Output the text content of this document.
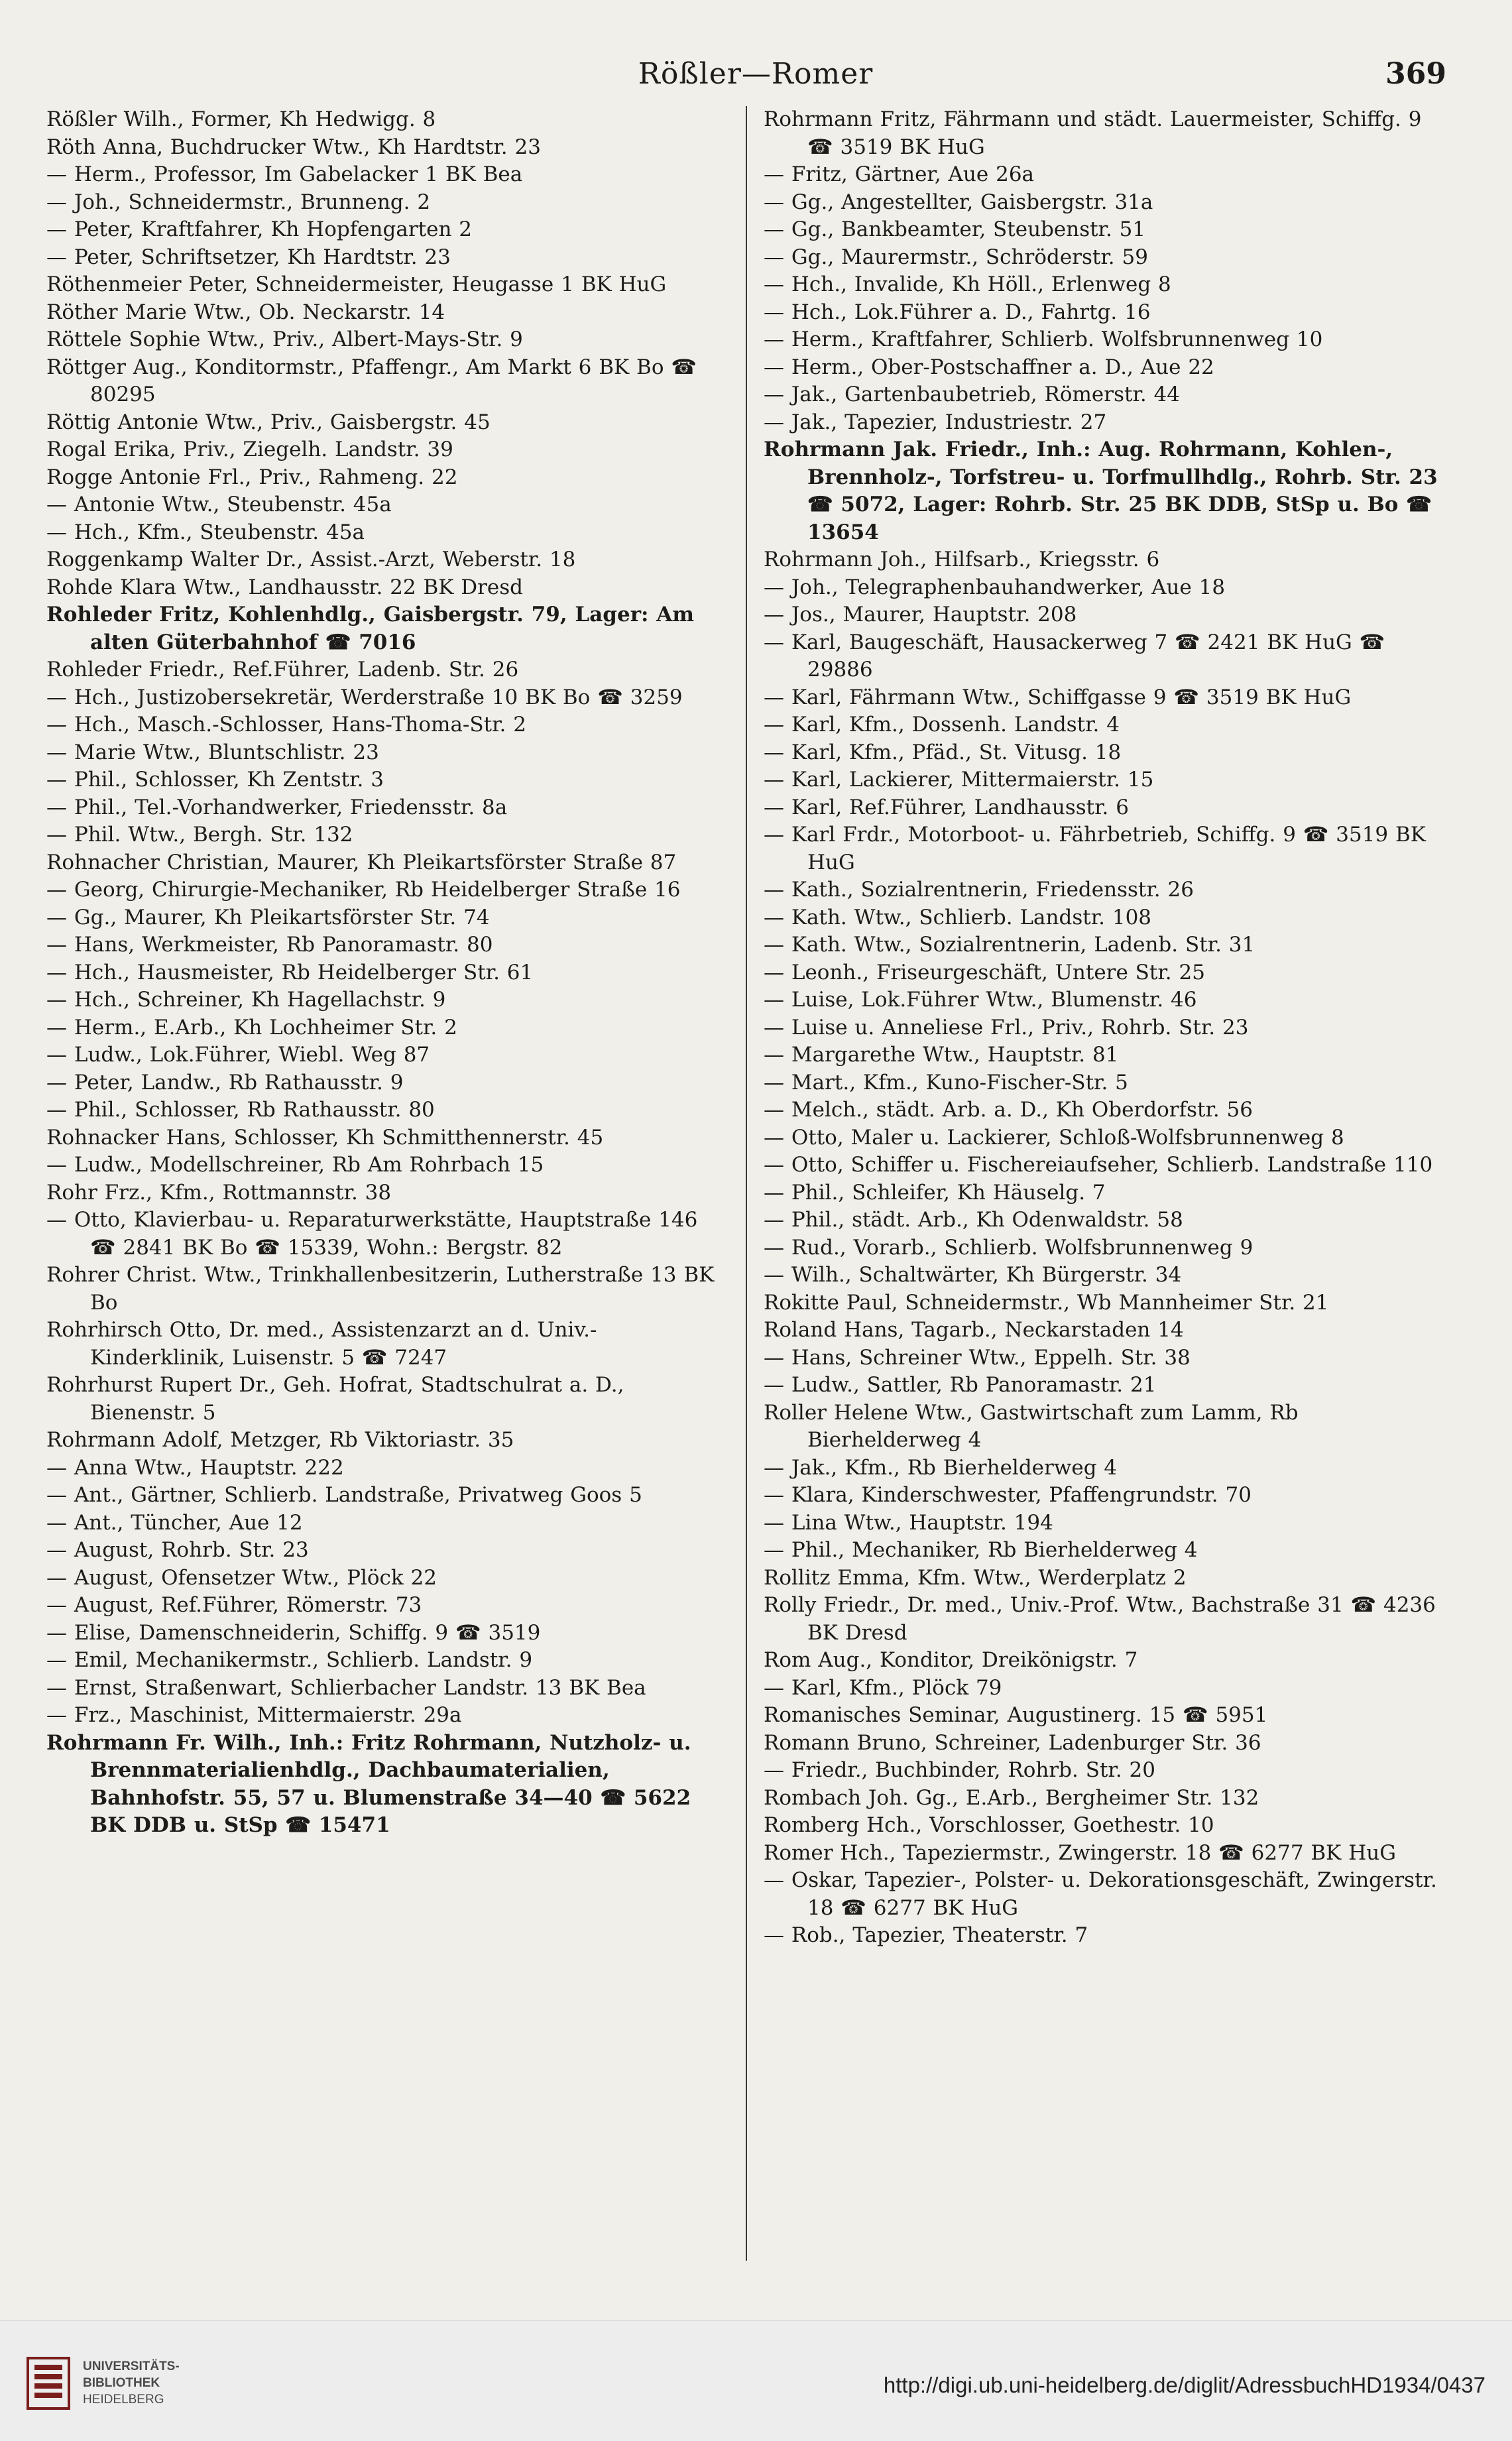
Rößler—Romer	369
Rößler Wilh., Former, Kh Hedwigg. 8
Röth Anna, Buchdrucker Wtw., Kh Hardtstr. 23
— Herm., Professor, Im Gabelacker 1 BK Bea
— Joh., Schneidermstr., Brunneng. 2
— Peter, Kraftfahrer, Kh Hopfengarten 2
— Peter, Schriftsetzer, Kh Hardtstr. 23
Röthenmeier Peter, Schneidermeister, Heugasse 1 BK HuG
Röther Marie Wtw., Ob. Neckarstr. 14
Röttele Sophie Wtw., Priv., Albert-Mays-Str. 9
Röttger Aug., Konditormstr., Pfaffengr., Am Markt 6 BK Bo ☎ 80295
Röttig Antonie Wtw., Priv., Gaisbergstr. 45
Rogal Erika, Priv., Ziegelh. Landstr. 39
Rogge Antonie Frl., Priv., Rahmeng. 22
— Antonie Wtw., Steubenstr. 45a
— Hch., Kfm., Steubenstr. 45a
Roggenkamp Walter Dr., Assist.-Arzt, Weberstr. 18
Rohde Klara Wtw., Landhausstr. 22 BK Dresd
Rohleder Fritz, Kohlenhdlg., Gaisbergstr. 79, Lager: Am alten Güterbahnhof ☎ 7016
Rohleder Friedr., Ref.Führer, Ladenb. Str. 26
— Hch., Justizobersekretär, Werderstraße 10 BK Bo ☎ 3259
— Hch., Masch.-Schlosser, Hans-Thoma-Str. 2
— Marie Wtw., Bluntschlistr. 23
— Phil., Schlosser, Kh Zentstr. 3
— Phil., Tel.-Vorhandwerker, Friedensstr. 8a
— Phil. Wtw., Bergh. Str. 132
Rohnacher Christian, Maurer, Kh Pleikartsförster Straße 87
— Georg, Chirurgie-Mechaniker, Rb Heidelberger Straße 16
— Gg., Maurer, Kh Pleikartsförster Str. 74
— Hans, Werkmeister, Rb Panoramastr. 80
— Hch., Hausmeister, Rb Heidelberger Str. 61
— Hch., Schreiner, Kh Hagellachstr. 9
— Herm., E.Arb., Kh Lochheimer Str. 2
— Ludw., Lok.Führer, Wiebl. Weg 87
— Peter, Landw., Rb Rathausstr. 9
— Phil., Schlosser, Rb Rathausstr. 80
Rohnacker Hans, Schlosser, Kh Schmitthennerstr. 45
— Ludw., Modellschreiner, Rb Am Rohrbach 15
Rohr Frz., Kfm., Rottmannstr. 38
— Otto, Klavierbau- u. Reparaturwerkstätte, Hauptstraße 146 ☎ 2841 BK Bo ☎ 15339, Wohn.: Bergstr. 82
Rohrer Christ. Wtw., Trinkhallenbesitzerin, Lutherstraße 13 BK Bo
Rohrhirsch Otto, Dr. med., Assistenzarzt an d. Univ.-Kinderklinik, Luisenstr. 5 ☎ 7247
Rohrhurst Rupert Dr., Geh. Hofrat, Stadtschulrat a. D., Bienenstr. 5
Rohrmann Adolf, Metzger, Rb Viktoriastr. 35
— Anna Wtw., Hauptstr. 222
— Ant., Gärtner, Schlierb. Landstraße, Privatweg Goos 5
— Ant., Tüncher, Aue 12
— August, Rohrb. Str. 23
— August, Ofensetzer Wtw., Plöck 22
— August, Ref.Führer, Römerstr. 73
— Elise, Damenschneiderin, Schiffg. 9 ☎ 3519
— Emil, Mechanikermstr., Schlierb. Landstr. 9
— Ernst, Straßenwart, Schlierbacher Landstr. 13 BK Bea
— Frz., Maschinist, Mittermaierstr. 29a
Rohrmann Fr. Wilh., Inh.: Fritz Rohrmann, Nutzholz- u. Brennmaterialienhdlg., Dachbaumaterialien, Bahnhofstr. 55, 57 u. Blumenstraße 34—40 ☎ 5622 BK DDB u. StSp ☎ 15471
Rohrmann Fritz, Fährmann und städt. Lauermeister, Schiffg. 9 ☎ 3519 BK HuG
— Fritz, Gärtner, Aue 26a
— Gg., Angestellter, Gaisbergstr. 31a
— Gg., Bankbeamter, Steubenstr. 51
— Gg., Maurermstr., Schröderstr. 59
— Hch., Invalide, Kh Höll., Erlenweg 8
— Hch., Lok.Führer a. D., Fahrtg. 16
— Herm., Kraftfahrer, Schlierb. Wolfsbrunnenweg 10
— Herm., Ober-Postschaffner a. D., Aue 22
— Jak., Gartenbaubetrieb, Römerstr. 44
— Jak., Tapezier, Industriestr. 27
Rohrmann Jak. Friedr., Inh.: Aug. Rohrmann, Kohlen-, Brennholz-, Torfstreu- u. Torfmullhdlg., Rohrb. Str. 23 ☎ 5072, Lager: Rohrb. Str. 25 BK DDB, StSp u. Bo ☎ 13654
Rohrmann Joh., Hilfsarb., Kriegsstr. 6
— Joh., Telegraphenbauhandwerker, Aue 18
— Jos., Maurer, Hauptstr. 208
— Karl, Baugeschäft, Hausackerweg 7 ☎ 2421 BK HuG ☎ 29886
— Karl, Fährmann Wtw., Schiffgasse 9 ☎ 3519 BK HuG
— Karl, Kfm., Dossenh. Landstr. 4
— Karl, Kfm., Pfäd., St. Vitusg. 18
— Karl, Lackierer, Mittermaierstr. 15
— Karl, Ref.Führer, Landhausstr. 6
— Karl Frdr., Motorboot- u. Fährbetrieb, Schiffg. 9 ☎ 3519 BK HuG
— Kath., Sozialrentnerin, Friedensstr. 26
— Kath. Wtw., Schlierb. Landstr. 108
— Kath. Wtw., Sozialrentnerin, Ladenb. Str. 31
— Leonh., Friseurgeschäft, Untere Str. 25
— Luise, Lok.Führer Wtw., Blumenstr. 46
— Luise u. Anneliese Frl., Priv., Rohrb. Str. 23
— Margarethe Wtw., Hauptstr. 81
— Mart., Kfm., Kuno-Fischer-Str. 5
— Melch., städt. Arb. a. D., Kh Oberdorfstr. 56
— Otto, Maler u. Lackierer, Schloß-Wolfsbrunnenweg 8
— Otto, Schiffer u. Fischereiaufseher, Schlierb. Landstraße 110
— Phil., Schleifer, Kh Häuselg. 7
— Phil., städt. Arb., Kh Odenwaldstr. 58
— Rud., Vorarb., Schlierb. Wolfsbrunnenweg 9
— Wilh., Schaltwärter, Kh Bürgerstr. 34
Rokitte Paul, Schneidermstr., Wb Mannheimer Str. 21
Roland Hans, Tagarb., Neckarstaden 14
— Hans, Schreiner Wtw., Eppelh. Str. 38
— Ludw., Sattler, Rb Panoramastr. 21
Roller Helene Wtw., Gastwirtschaft zum Lamm, Rb Bierhelderweg 4
— Jak., Kfm., Rb Bierhelderweg 4
— Klara, Kinderschwester, Pfaffengrundstr. 70
— Lina Wtw., Hauptstr. 194
— Phil., Mechaniker, Rb Bierhelderweg 4
Rollitz Emma, Kfm. Wtw., Werderplatz 2
Rolly Friedr., Dr. med., Univ.-Prof. Wtw., Bachstraße 31 ☎ 4236 BK Dresd
Rom Aug., Konditor, Dreikönigstr. 7
— Karl, Kfm., Plöck 79
Romanisches Seminar, Augustinerg. 15 ☎ 5951
Romann Bruno, Schreiner, Ladenburger Str. 36
— Friedr., Buchbinder, Rohrb. Str. 20
Rombach Joh. Gg., E.Arb., Bergheimer Str. 132
Romberg Hch., Vorschlosser, Goethestr. 10
Romer Hch., Tapeziermstr., Zwingerstr. 18 ☎ 6277 BK HuG
— Oskar, Tapezier-, Polster- u. Dekorationsgeschäft, Zwingerstr. 18 ☎ 6277 BK HuG
— Rob., Tapezier, Theaterstr. 7
UNIVERSITÄTS-
BIBLIOTHEK
HEIDELBERG
http://digi.ub.uni-heidelberg.de/diglit/AdressbuchHD1934/0437
